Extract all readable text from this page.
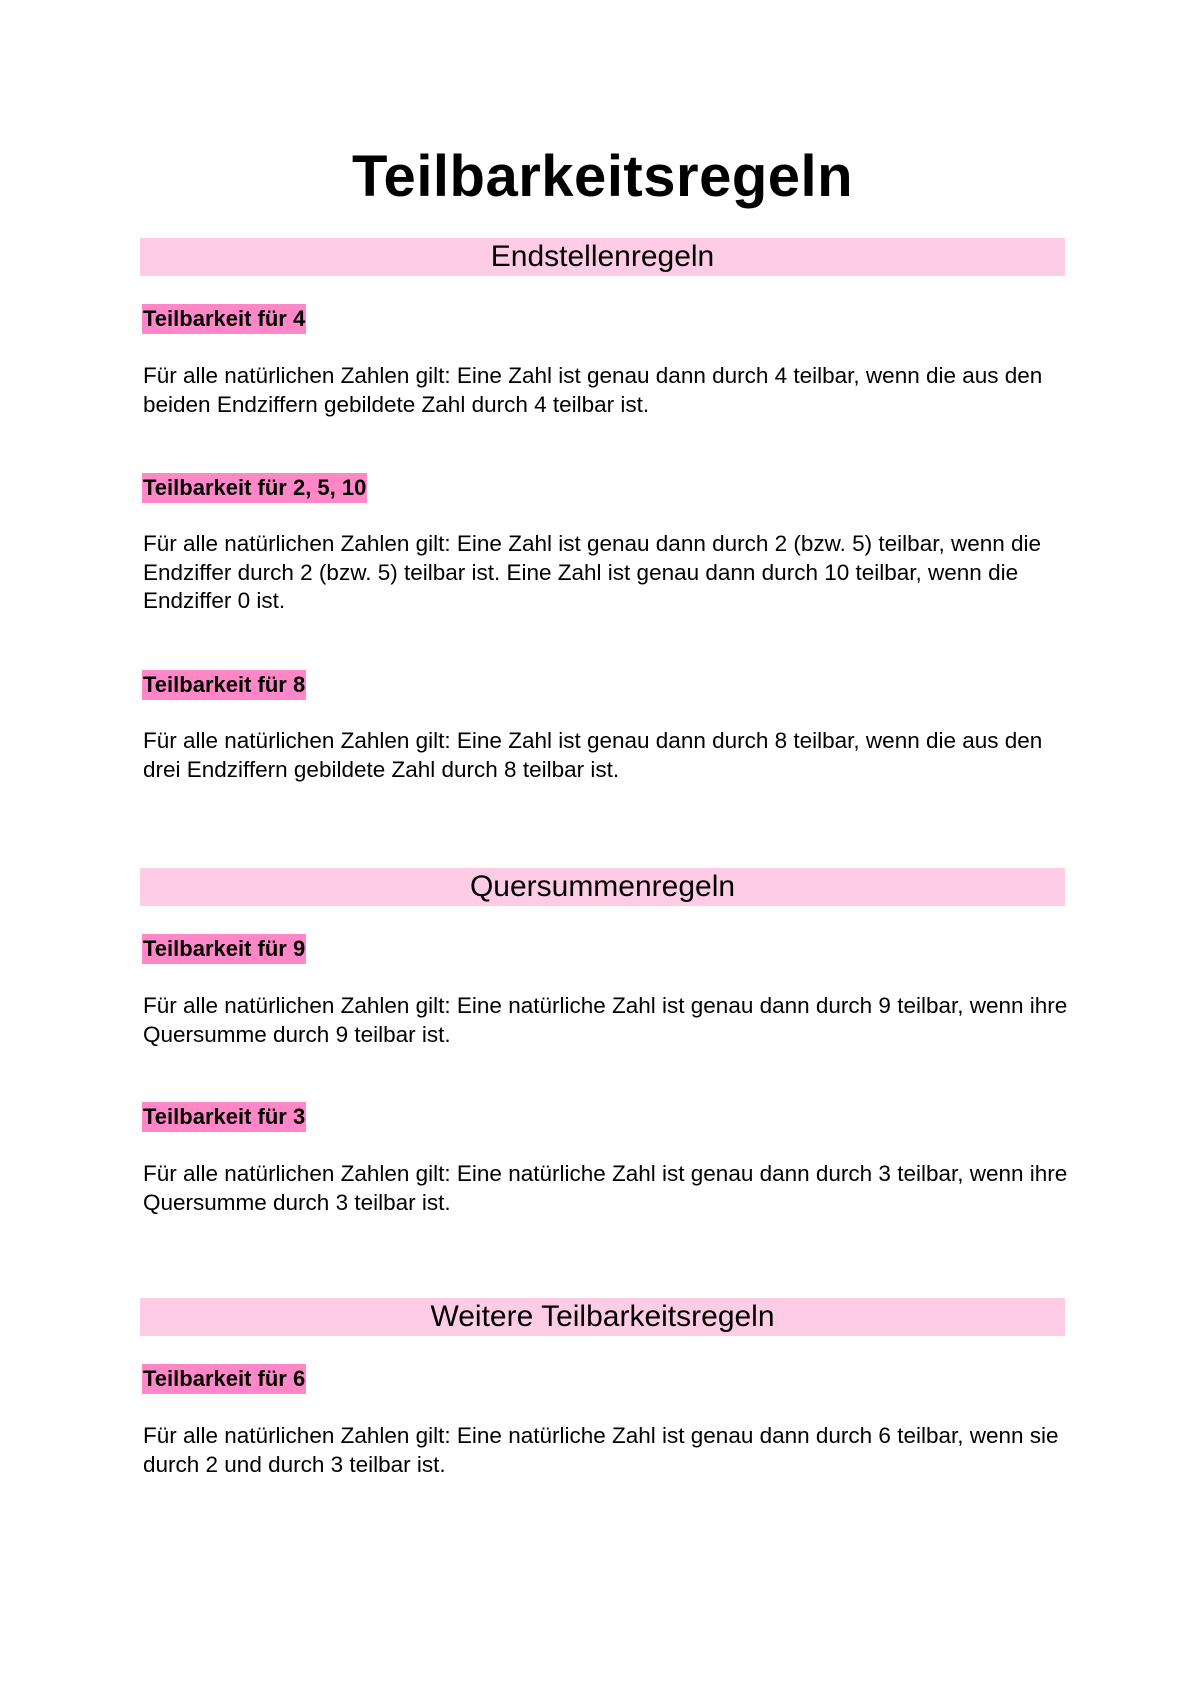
Teilbarkeitsregeln
Endstellenregeln
Teilbarkeit für 4

Für alle natürlichen Zahlen gilt: Eine Zahl ist genau dann durch 4 teilbar, wenn die aus den beiden Endziffern gebildete Zahl durch 4 teilbar ist.

Teilbarkeit für 2, 5, 10

Für alle natürlichen Zahlen gilt: Eine Zahl ist genau dann durch 2 (bzw. 5) teilbar, wenn die Endziffer durch 2 (bzw. 5) teilbar ist. Eine Zahl ist genau dann durch 10 teilbar, wenn die Endziffer 0 ist.

Teilbarkeit für 8

Für alle natürlichen Zahlen gilt: Eine Zahl ist genau dann durch 8 teilbar, wenn die aus den drei Endziffern gebildete Zahl durch 8 teilbar ist.

Quersummenregeln
Teilbarkeit für 9

Für alle natürlichen Zahlen gilt: Eine natürliche Zahl ist genau dann durch 9 teilbar, wenn ihre Quersumme durch 9 teilbar ist.

Teilbarkeit für 3

Für alle natürlichen Zahlen gilt: Eine natürliche Zahl ist genau dann durch 3 teilbar, wenn ihre Quersumme durch 3 teilbar ist.

Weitere Teilbarkeitsregeln
Teilbarkeit für 6

Für alle natürlichen Zahlen gilt: Eine natürliche Zahl ist genau dann durch 6 teilbar, wenn sie durch 2 und durch 3 teilbar ist.
